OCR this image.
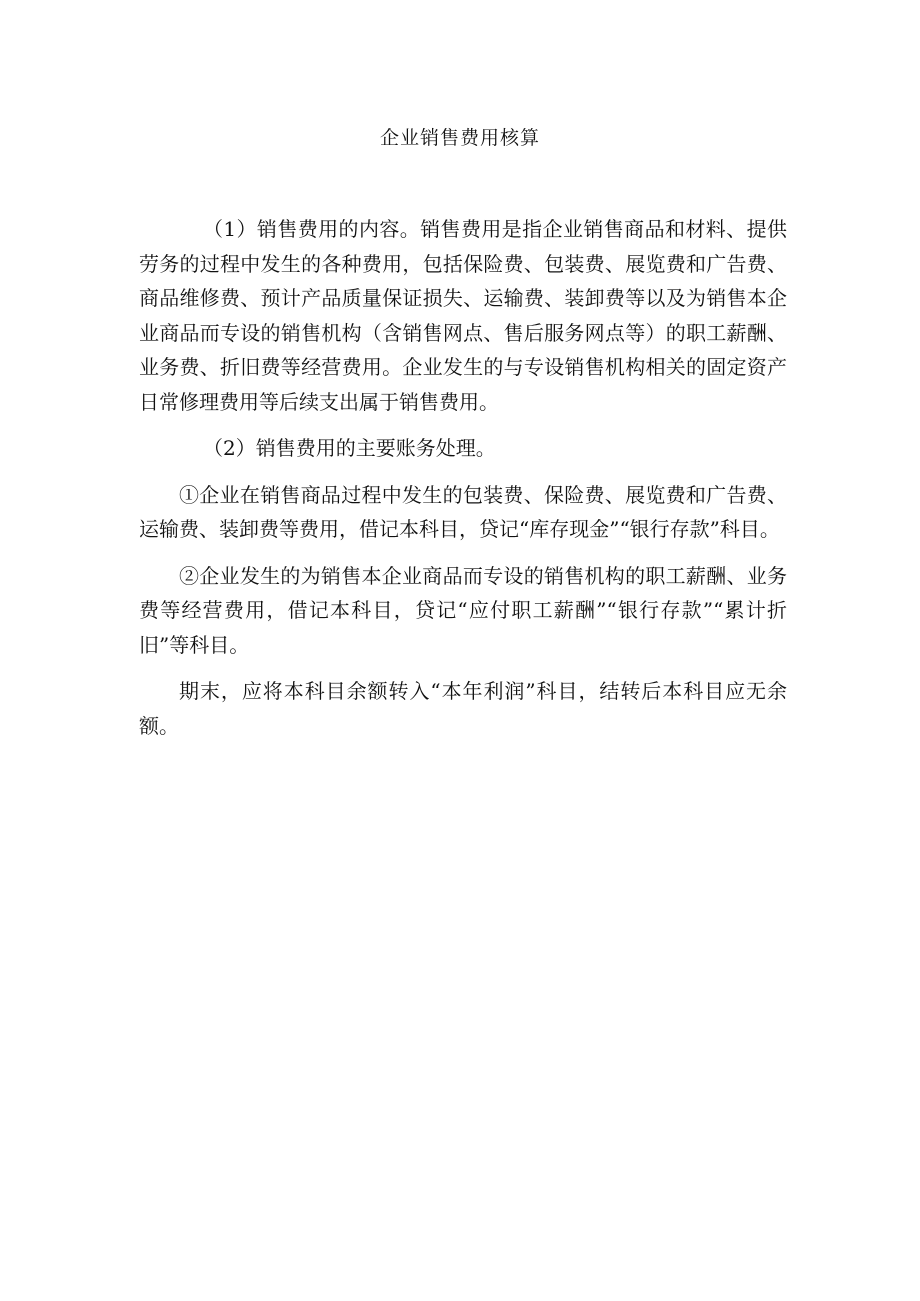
企业销售费用核算

（1）销售费用的内容。销售费用是指企业销售商品和材料、提供劳务的过程中发生的各种费用，包括保险费、包装费、展览费和广告费、商品维修费、预计产品质量保证损失、运输费、装卸费等以及为销售本企业商品而专设的销售机构（含销售网点、售后服务网点等）的职工薪酬、业务费、折旧费等经营费用。企业发生的与专设销售机构相关的固定资产日常修理费用等后续支出属于销售费用。

（2）销售费用的主要账务处理。

①企业在销售商品过程中发生的包装费、保险费、展览费和广告费、运输费、装卸费等费用，借记本科目，贷记“库存现金”“银行存款”科目。

②企业发生的为销售本企业商品而专设的销售机构的职工薪酬、业务费等经营费用，借记本科目，贷记“应付职工薪酬”“银行存款”“累计折旧”等科目。

期末，应将本科目余额转入“本年利润”科目，结转后本科目应无余额。
